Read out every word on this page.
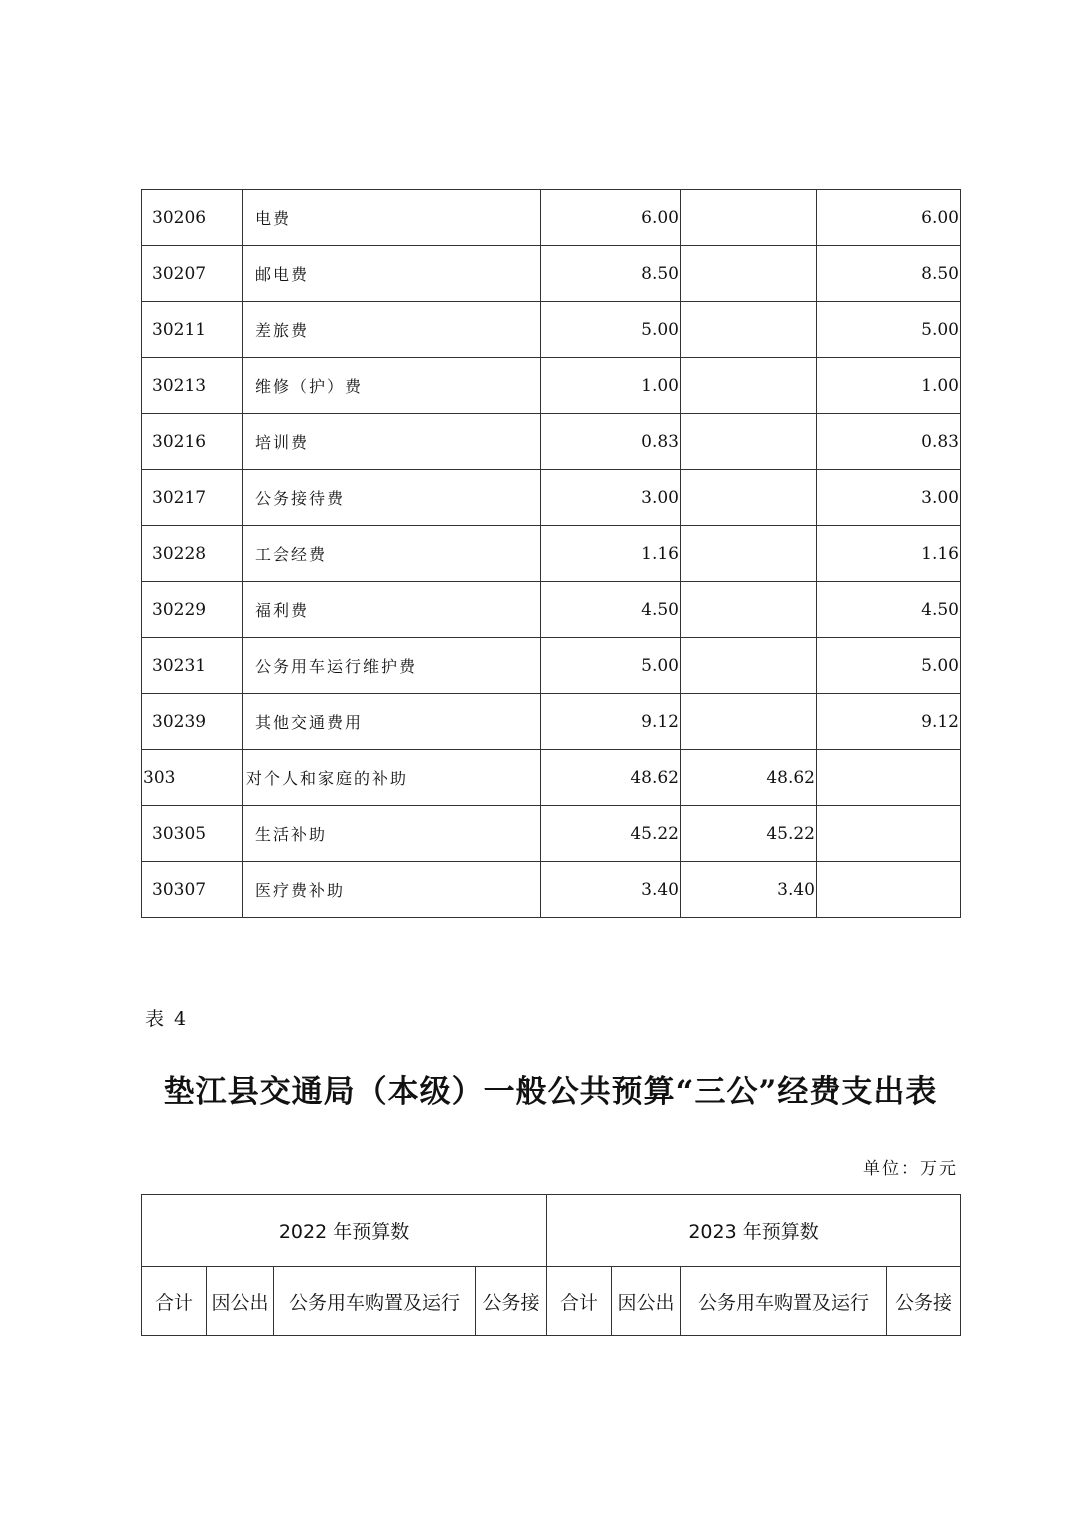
30206	电费	6.00		6.00
30207	邮电费	8.50		8.50
30211	差旅费	5.00		5.00
30213	维修（护）费	1.00		1.00
30216	培训费	0.83		0.83
30217	公务接待费	3.00		3.00
30228	工会经费	1.16		1.16
30229	福利费	4.50		4.50
30231	公务用车运行维护费	5.00		5.00
30239	其他交通费用	9.12		9.12
303	对个人和家庭的补助	48.62	48.62	
30305	生活补助	45.22	45.22	
30307	医疗费补助	3.40	3.40	
表 4
垫江县交通局（本级）一般公共预算“三公”经费支出表
单位：万元
2022 年预算数				2023 年预算数			
合计	因公出	公务用车购置及运行	公务接	合计	因公出	公务用车购置及运行	公务接
